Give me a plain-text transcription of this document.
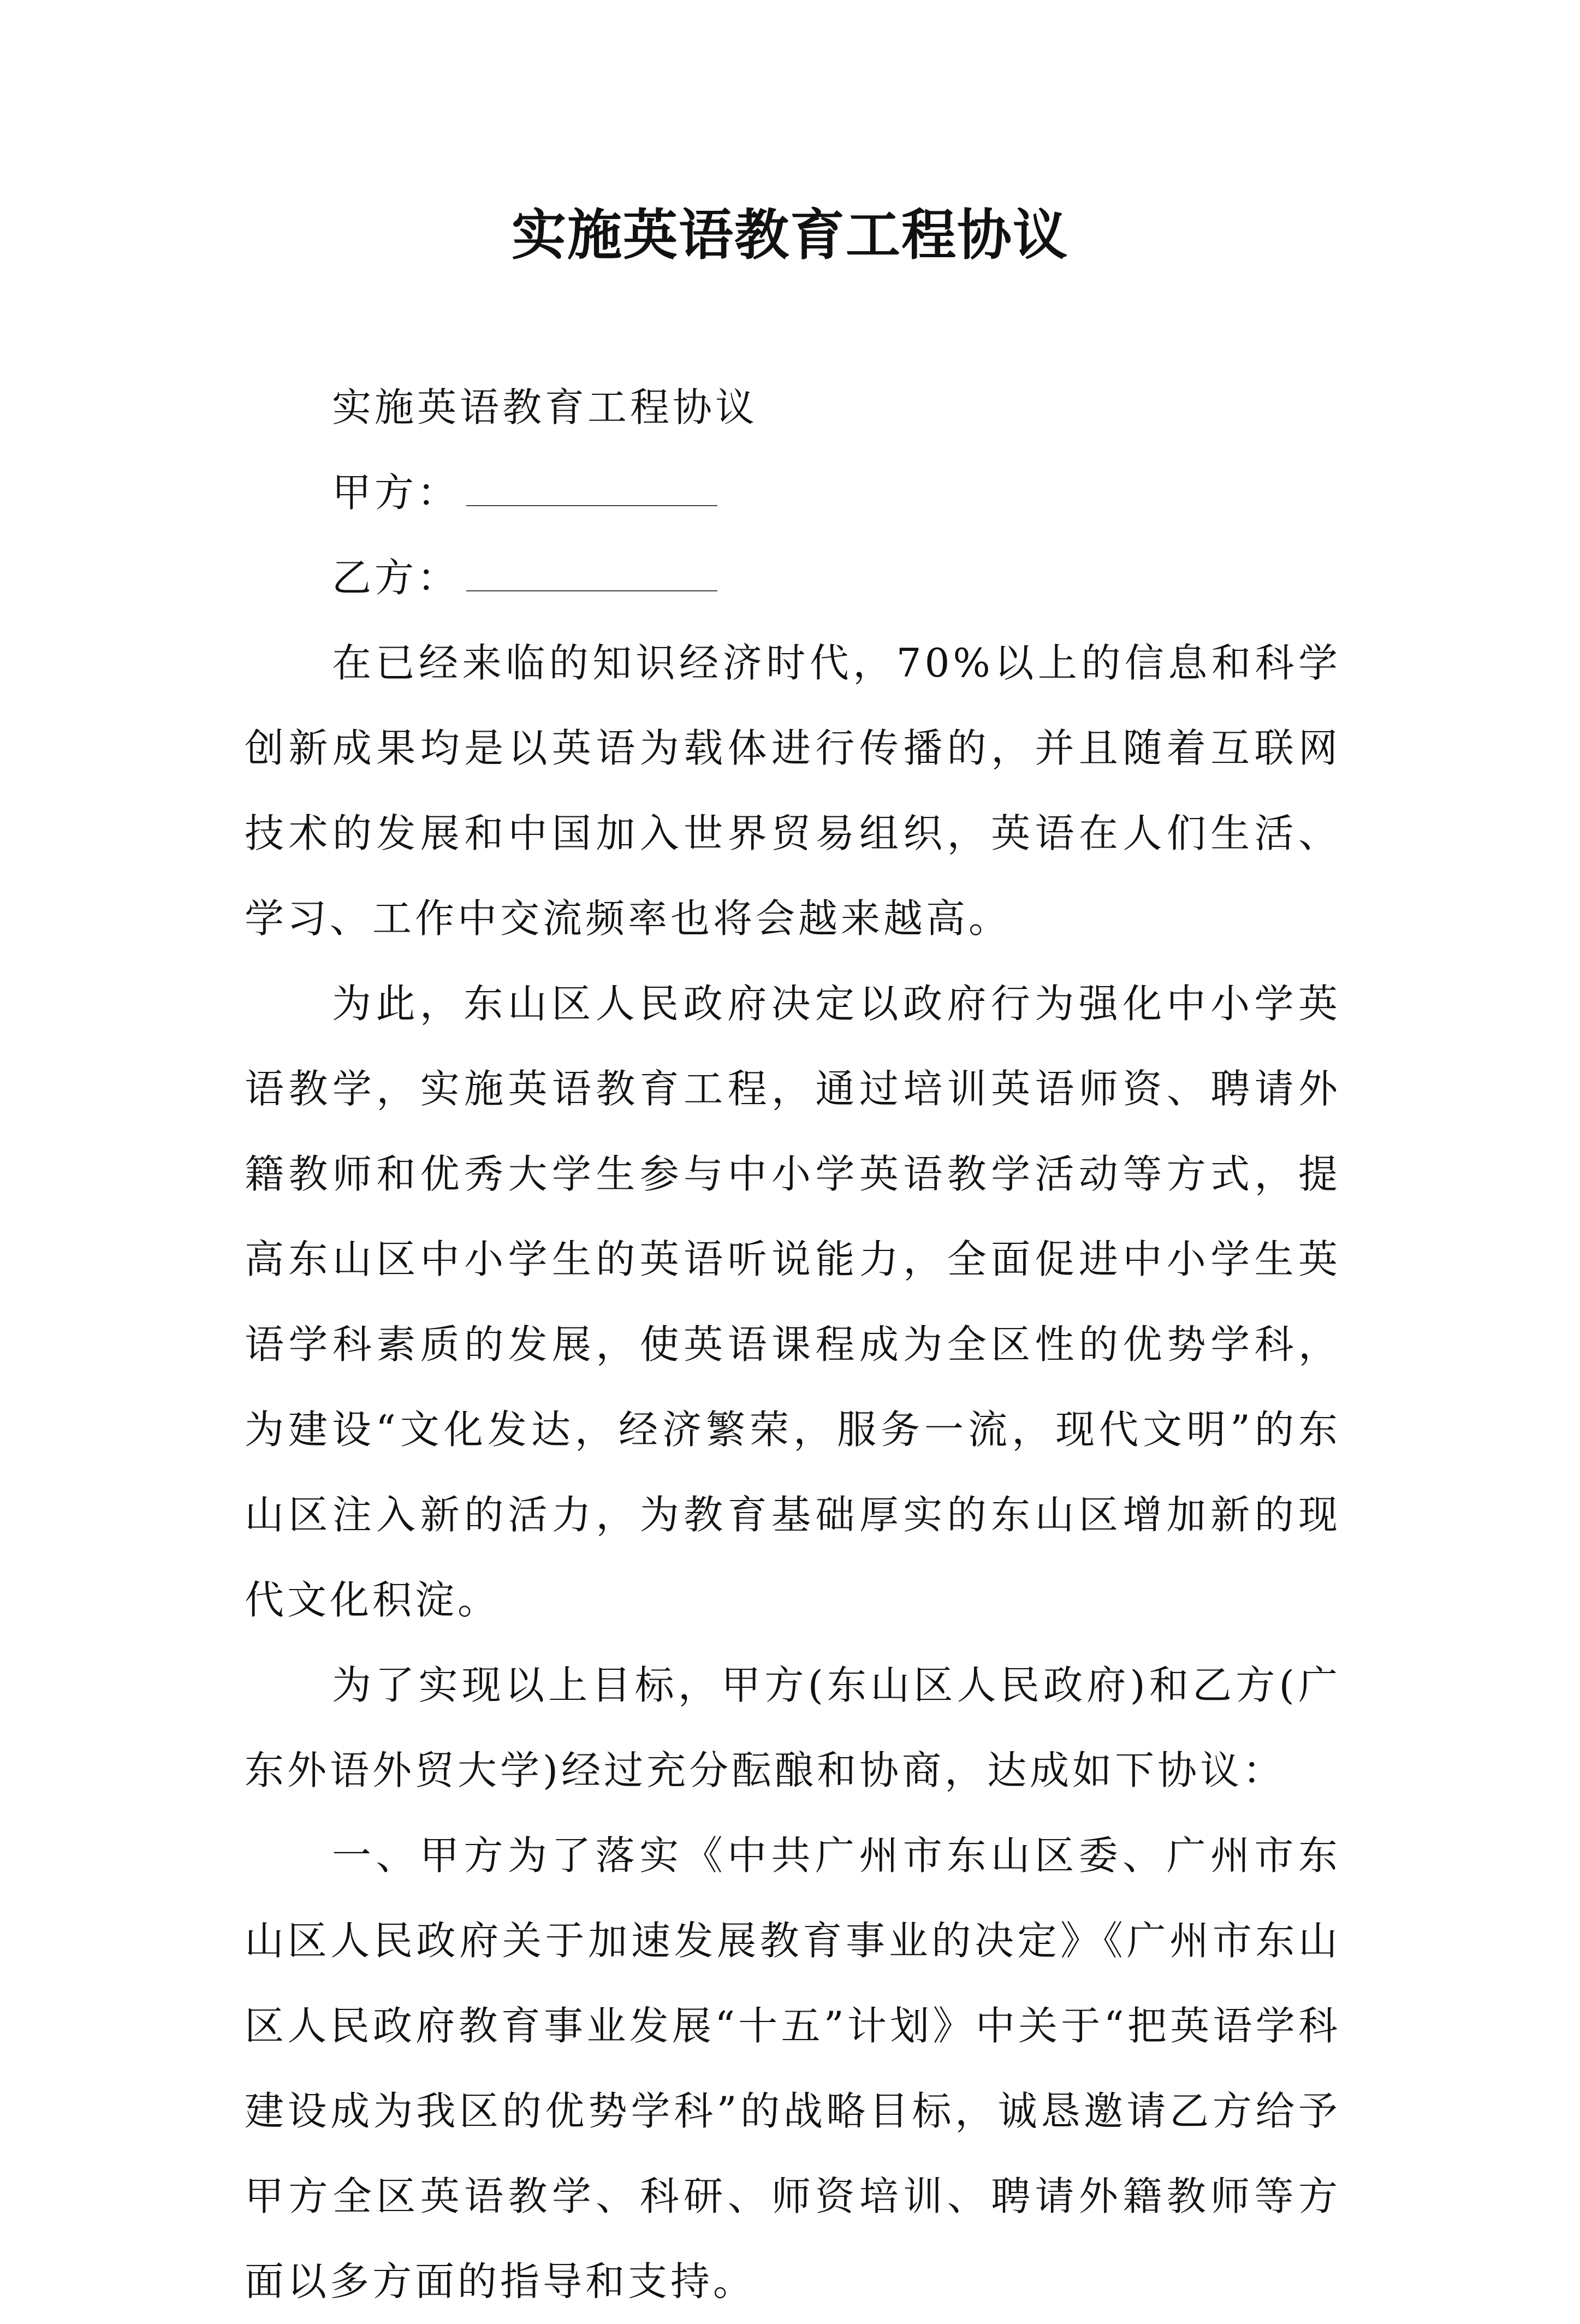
实施英语教育工程协议

实施英语教育工程协议

甲方：

乙方：

在已经来临的知识经济时代，70%以上的信息和科学创新成果均是以英语为载体进行传播的，并且随着互联网技术的发展和中国加入世界贸易组织，英语在人们生活、学习、工作中交流频率也将会越来越高。

为此，东山区人民政府决定以政府行为强化中小学英语教学，实施英语教育工程，通过培训英语师资、聘请外籍教师和优秀大学生参与中小学英语教学活动等方式，提高东山区中小学生的英语听说能力，全面促进中小学生英语学科素质的发展，使英语课程成为全区性的优势学科，为建设“文化发达，经济繁荣，服务一流，现代文明”的东山区注入新的活力，为教育基础厚实的东山区增加新的现代文化积淀。

为了实现以上目标，甲方(东山区人民政府)和乙方(广东外语外贸大学)经过充分酝酿和协商，达成如下协议：

一、甲方为了落实《中共广州市东山区委、广州市东山区人民政府关于加速发展教育事业的决定》《广州市东山区人民政府教育事业发展“十五”计划》中关于“把英语学科建设成为我区的优势学科”的战略目标，诚恳邀请乙方给予甲方全区英语教学、科研、师资培训、聘请外籍教师等方面以多方面的指导和支持。
